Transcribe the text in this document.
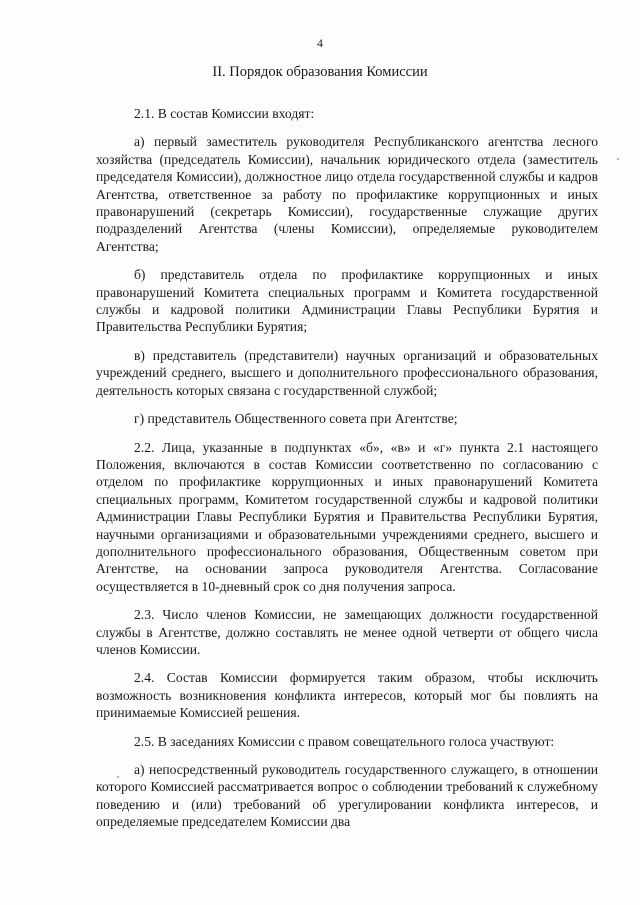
4
II. Порядок образования Комиссии

2.1. В состав Комиссии входят:

а) первый заместитель руководителя Республиканского агентства лесного хозяйства (председатель Комиссии), начальник юридического отдела (заместитель председателя Комиссии), должностное лицо отдела государственной службы и кадров Агентства, ответственное за работу по профилактике коррупционных и иных правонарушений (секретарь Комиссии), государственные служащие других подразделений Агентства (члены Комиссии), определяемые руководителем Агентства;

б) представитель отдела по профилактике коррупционных и иных правонарушений Комитета специальных программ и Комитета государственной службы и кадровой политики Администрации Главы Республики Бурятия и Правительства Республики Бурятия;

в) представитель (представители) научных организаций и образовательных учреждений среднего, высшего и дополнительного профессионального образования, деятельность которых связана с государственной службой;

г) представитель Общественного совета при Агентстве;

2.2. Лица, указанные в подпунктах «б», «в» и «г» пункта 2.1 настоящего Положения, включаются в состав Комиссии соответственно по согласованию с отделом по профилактике коррупционных и иных правонарушений Комитета специальных программ, Комитетом государственной службы и кадровой политики Администрации Главы Республики Бурятия и Правительства Республики Бурятия, научными организациями и образовательными учреждениями среднего, высшего и дополнительного профессионального образования, Общественным советом при Агентстве, на основании запроса руководителя Агентства. Согласование осуществляется в 10-дневный срок со дня получения запроса.

2.3. Число членов Комиссии, не замещающих должности государственной службы в Агентстве, должно составлять не менее одной четверти от общего числа членов Комиссии.

2.4. Состав Комиссии формируется таким образом, чтобы исключить возможность возникновения конфликта интересов, который мог бы повлиять на принимаемые Комиссией решения.

2.5. В заседаниях Комиссии с правом совещательного голоса участвуют:

а) непосредственный руководитель государственного служащего, в отношении которого Комиссией рассматривается вопрос о соблюдении требований к служебному поведению и (или) требований об урегулировании конфликта интересов, и определяемые председателем Комиссии два
